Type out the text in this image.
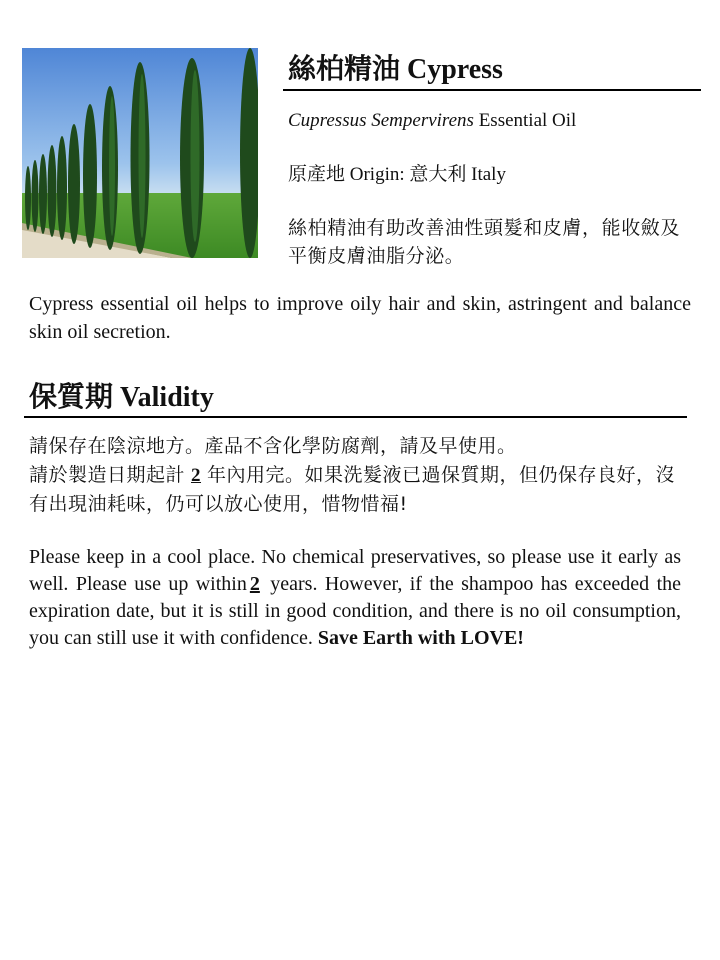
絲柏精油 Cypress
Cupressus Sempervirens Essential Oil
原產地 Origin: 意大利 Italy

絲柏精油有助改善油性頭髮和皮膚，能收斂及平衡皮膚油脂分泌。

Cypress essential oil helps to improve oily hair and skin, astringent and balance skin oil secretion.

保質期 Validity

請保存在陰涼地方。產品不含化學防腐劑，請及早使用。

請於製造日期起計 2 年內用完。如果洗髮液已過保質期，但仍保存良好，沒有出現油耗味，仍可以放心使用，惜物惜福!

Please keep in a cool place. No chemical preservatives, so please use it early as well. Please use up within 2 years. However, if the shampoo has exceeded the expiration date, but it is still in good condition, and there is no oil consumption, you can still use it with confidence. Save Earth with LOVE!
